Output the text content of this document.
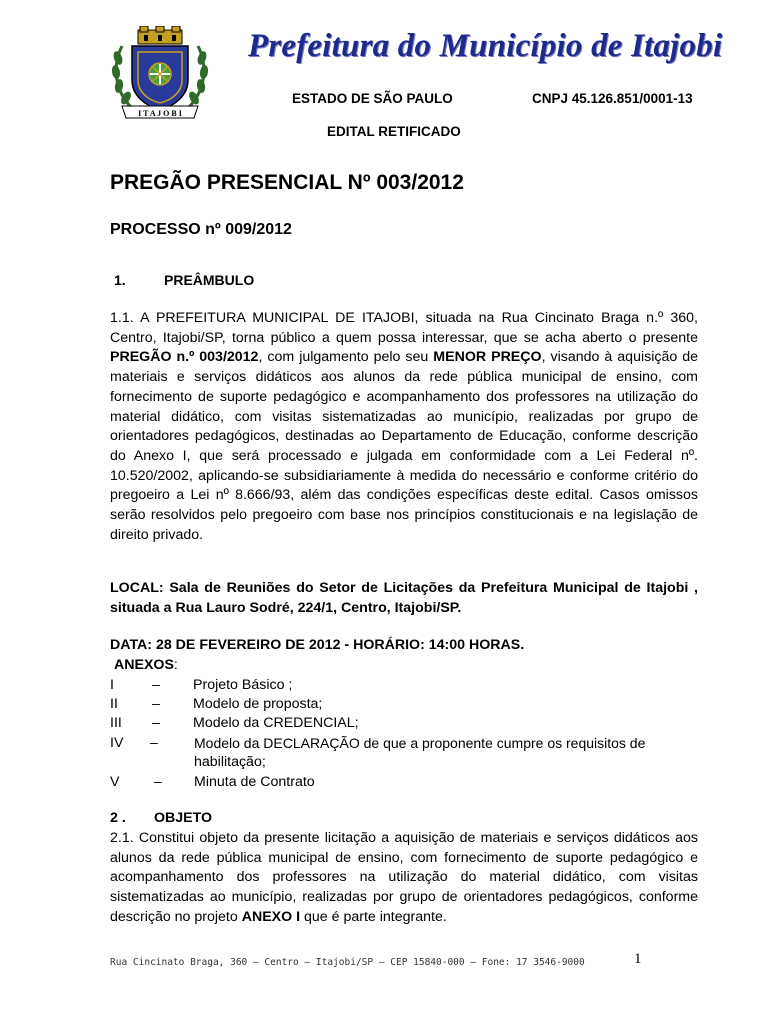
I T A J O B I
Prefeitura do Município de Itajobi
ESTADO DE SÃO PAULO	CNPJ 45.126.851/0001-13
EDITAL RETIFICADO
PREGÃO PRESENCIAL Nº 003/2012
PROCESSO nº 009/2012
1.	PREÂMBULO
1.1. A PREFEITURA MUNICIPAL DE ITAJOBI, situada na Rua Cincinato Braga n.º 360, Centro, Itajobi/SP, torna público a quem possa interessar, que se acha aberto o presente PREGÃO n.º 003/2012, com julgamento pelo seu MENOR PREÇO, visando à aquisição de materiais e serviços didáticos aos alunos da rede pública municipal de ensino, com fornecimento de suporte pedagógico e acompanhamento dos professores na utilização do material didático, com visitas sistematizadas ao município, realizadas por grupo de orientadores pedagógicos, destinadas ao Departamento de Educação, conforme descrição do Anexo I, que será processado e julgada em conformidade com a Lei Federal nº. 10.520/2002, aplicando-se subsidiariamente à medida do necessário e conforme critério do pregoeiro a Lei nº 8.666/93, além das condições específicas deste edital. Casos omissos serão resolvidos pelo pregoeiro com base nos princípios constitucionais e na legislação de direito privado.
LOCAL: Sala de Reuniões do Setor de Licitações da Prefeitura Municipal de Itajobi , situada a Rua Lauro Sodré, 224/1, Centro, Itajobi/SP.
DATA: 28 DE FEVEREIRO DE 2012 - HORÁRIO: 14:00 HORAS.
ANEXOS:
I	– Projeto Básico ;
II – Modelo de proposta;
III – Modelo da CREDENCIAL;
IV –	Modelo da DECLARAÇÃO de que a proponente cumpre os requisitos de
habilitação;
V – Minuta de Contrato
2 . OBJETO
2.1. Constitui objeto da presente licitação a aquisição de materiais e serviços didáticos aos alunos da rede pública municipal de ensino, com fornecimento de suporte pedagógico e acompanhamento dos professores na utilização do material didático, com visitas sistematizadas ao município, realizadas por grupo de orientadores pedagógicos, conforme descrição no projeto ANEXO I que é parte integrante.
Rua Cincinato Braga, 360 – Centro – Itajobi/SP – CEP 15840-000 – Fone: 17 3546-9000	1
